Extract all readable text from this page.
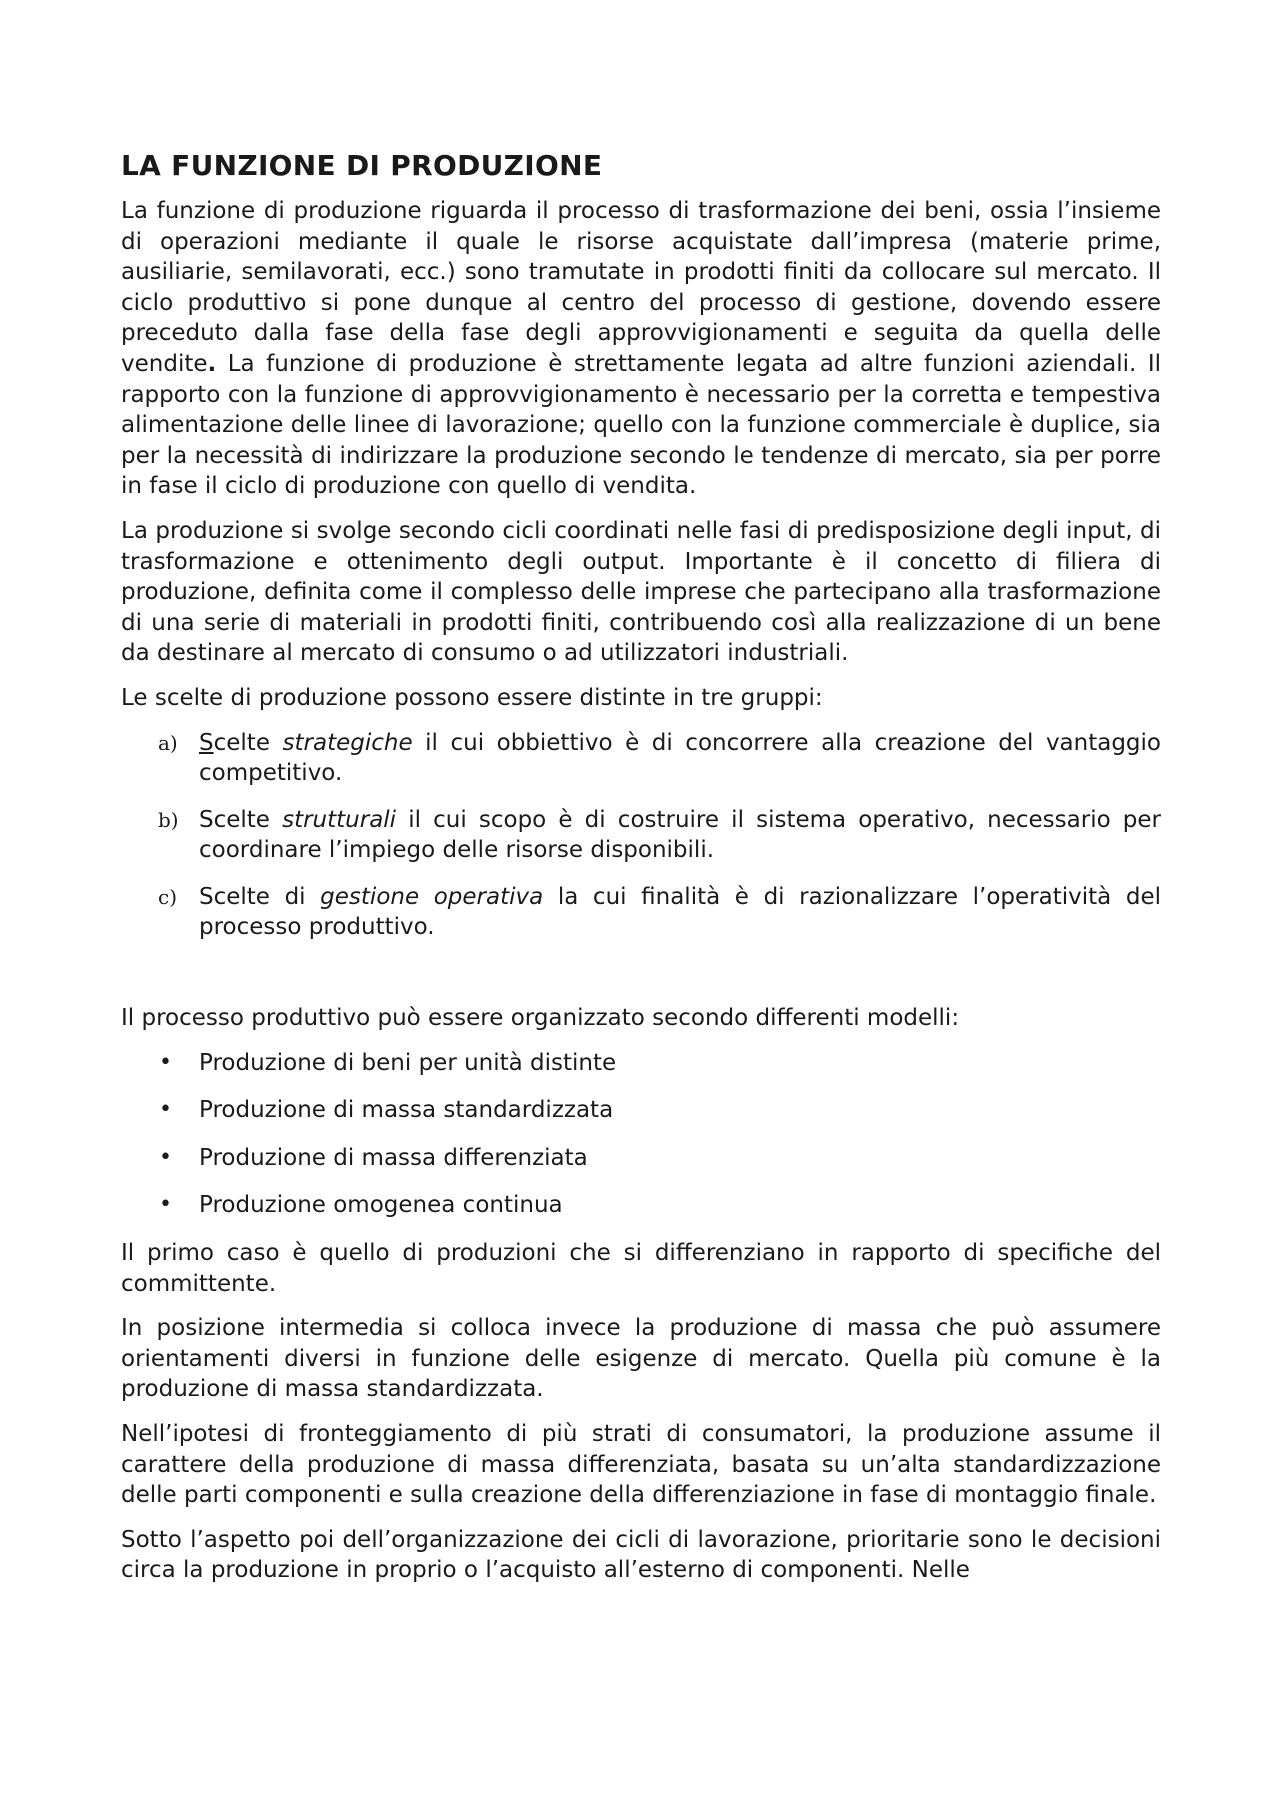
LA FUNZIONE DI PRODUZIONE

La funzione di produzione riguarda il processo di trasformazione dei beni, ossia l’insieme di operazioni mediante il quale le risorse acquistate dall’impresa (materie prime, ausiliarie, semilavorati, ecc.) sono tramutate in prodotti finiti da collocare sul mercato. Il ciclo produttivo si pone dunque al centro del processo di gestione, dovendo essere preceduto dalla fase della fase degli approvvigionamenti e seguita da quella delle vendite. La funzione di produzione è strettamente legata ad altre funzioni aziendali. Il rapporto con la funzione di approvvigionamento è necessario per la corretta e tempestiva alimentazione delle linee di lavorazione; quello con la funzione commerciale è duplice, sia per la necessità di indirizzare la produzione secondo le tendenze di mercato, sia per porre in fase il ciclo di produzione con quello di vendita.

La produzione si svolge secondo cicli coordinati nelle fasi di predisposizione degli input, di trasformazione e ottenimento degli output. Importante è il concetto di filiera di produzione, definita come il complesso delle imprese che partecipano alla trasformazione di una serie di materiali in prodotti finiti, contribuendo così alla realizzazione di un bene da destinare al mercato di consumo o ad utilizzatori industriali.

Le scelte di produzione possono essere distinte in tre gruppi:

a) Scelte strategiche il cui obbiettivo è di concorrere alla creazione del vantaggio competitivo.
b) Scelte strutturali il cui scopo è di costruire il sistema operativo, necessario per coordinare l’impiego delle risorse disponibili.
c) Scelte di gestione operativa la cui finalità è di razionalizzare l’operatività del processo produttivo.

Il processo produttivo può essere organizzato secondo differenti modelli:

• Produzione di beni per unità distinte
• Produzione di massa standardizzata
• Produzione di massa differenziata
• Produzione omogenea continua

Il primo caso è quello di produzioni che si differenziano in rapporto di specifiche del committente.

In posizione intermedia si colloca invece la produzione di massa che può assumere orientamenti diversi in funzione delle esigenze di mercato. Quella più comune è la produzione di massa standardizzata.

Nell’ipotesi di fronteggiamento di più strati di consumatori, la produzione assume il carattere della produzione di massa differenziata, basata su un’alta standardizzazione delle parti componenti e sulla creazione della differenziazione in fase di montaggio finale.

Sotto l’aspetto poi dell’organizzazione dei cicli di lavorazione, prioritarie sono le decisioni circa la produzione in proprio o l’acquisto all’esterno di componenti. Nelle
